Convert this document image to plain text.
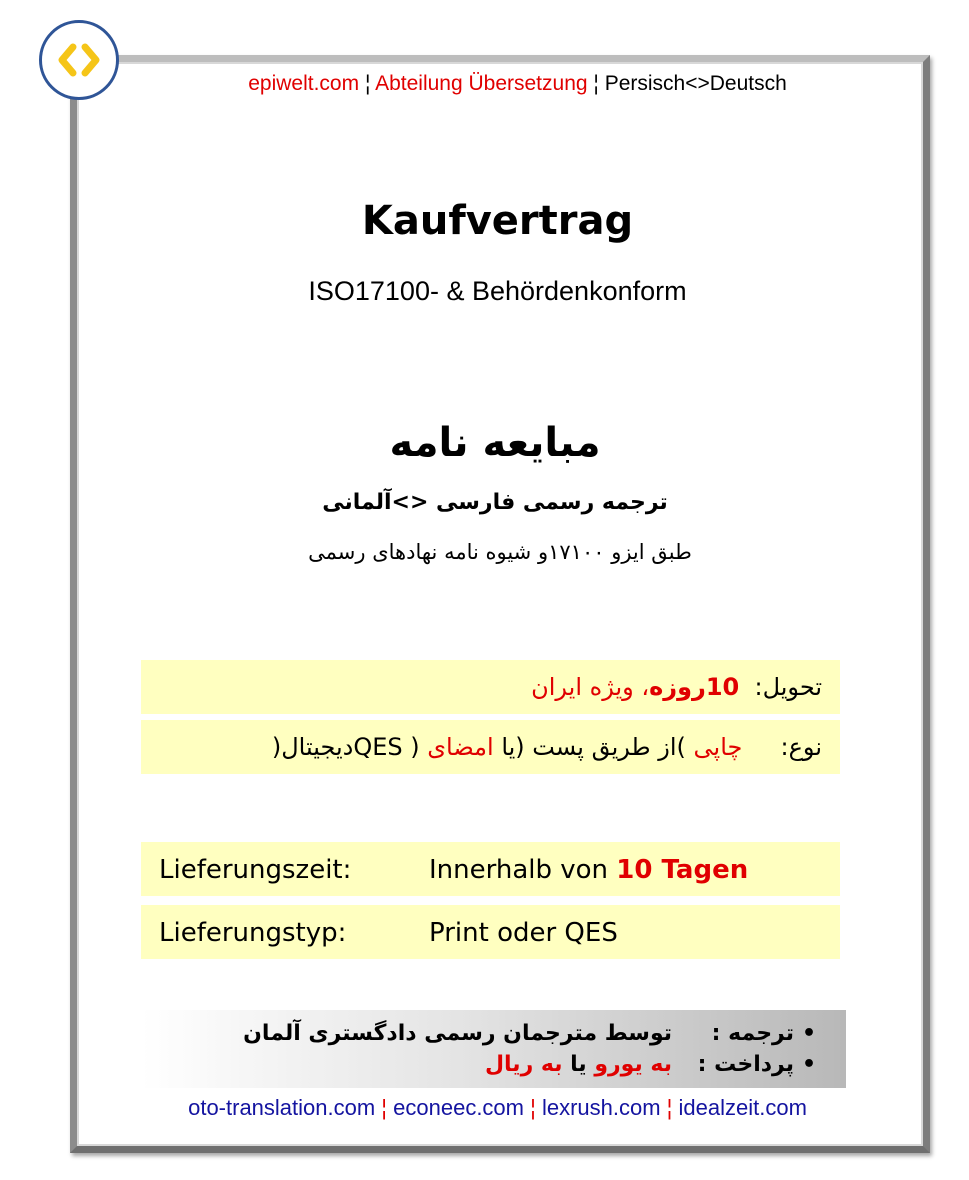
epiwelt.com ¦ Abteilung Übersetzung ¦ Persisch<>Deutsch
Kaufvertrag
ISO17100- & Behördenkonform
مبایعه نامه
ترجمه رسمی فارسی <>آلمانی
طبق ایزو ۱۷۱۰۰و شیوه نامه نهادهای رسمی
تحویل:  10روزه، ویژه ایران
نوع:     چاپی )از طریق پست (یا امضای ( QESدیجیتال(
Lieferungszeit:	Innerhalb von 10 Tagen
Lieferungstyp:	Print oder QES
•ترجمه :توسط مترجمان رسمی دادگستری آلمان
•پرداخت :به یورو یا به ریال
oto-translation.com ¦ econeec.com ¦ lexrush.com ¦ idealzeit.com
